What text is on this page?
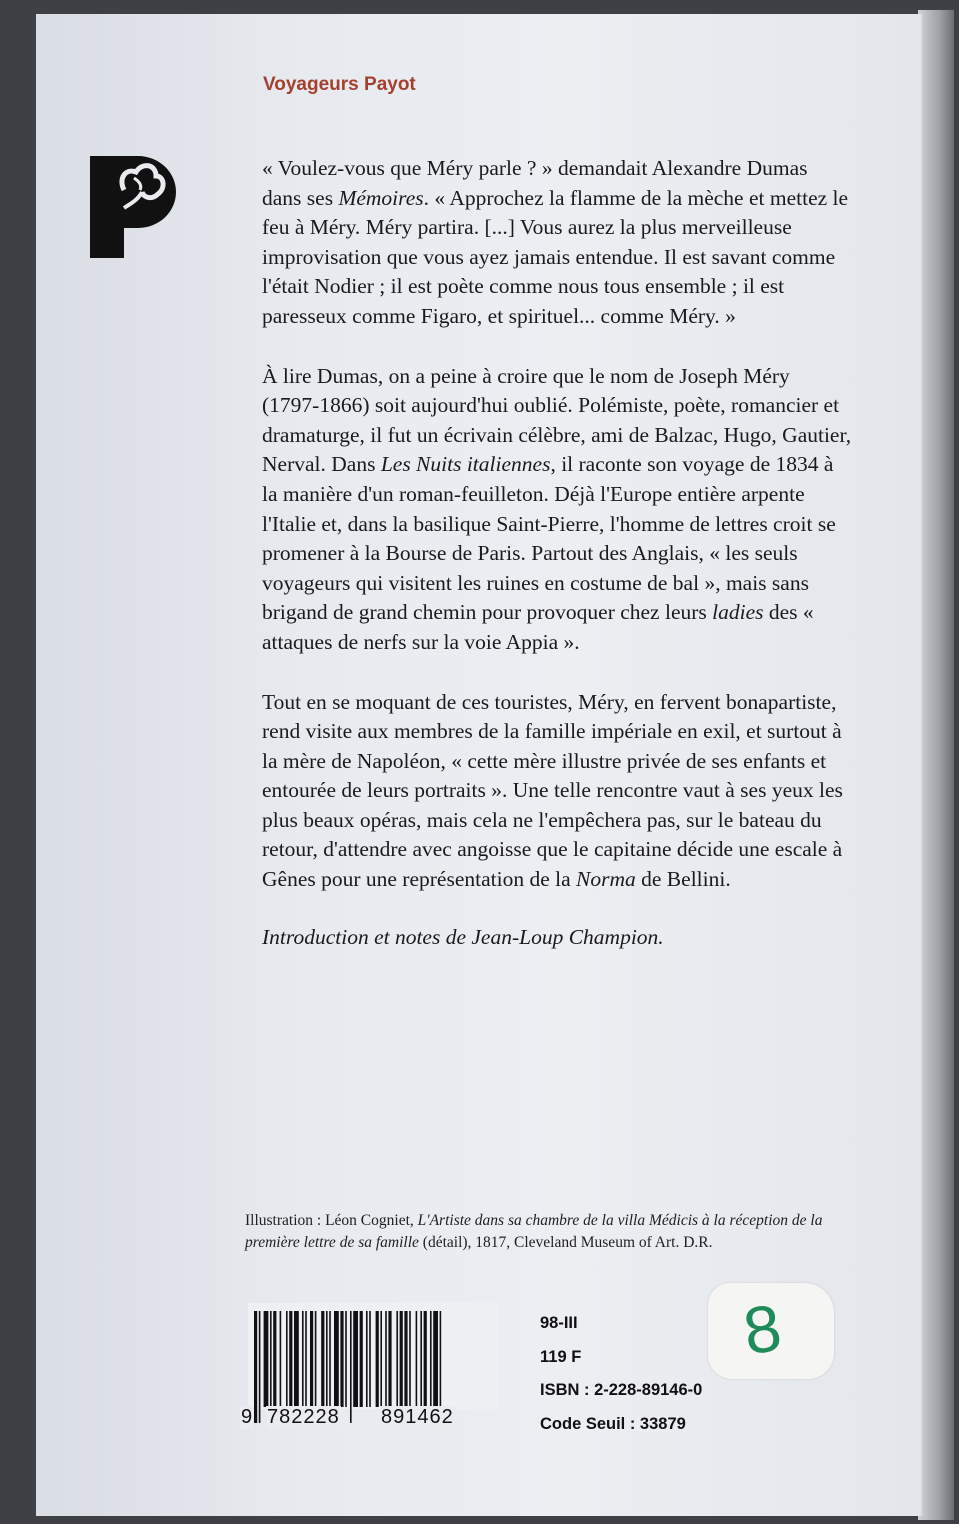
Voyageurs Payot

« Voulez-vous que Méry parle ? » demandait Alexandre Dumas dans ses Mémoires. « Approchez la flamme de la mèche et mettez le feu à Méry. Méry partira. [...] Vous aurez la plus merveilleuse improvisation que vous ayez jamais entendue. Il est savant comme l'était Nodier ; il est poète comme nous tous ensemble ; il est paresseux comme Figaro, et spirituel... comme Méry. »

À lire Dumas, on a peine à croire que le nom de Joseph Méry (1797-1866) soit aujourd'hui oublié. Polémiste, poète, romancier et dramaturge, il fut un écrivain célèbre, ami de Balzac, Hugo, Gautier, Nerval. Dans Les Nuits italiennes, il raconte son voyage de 1834 à la manière d'un roman-feuilleton. Déjà l'Europe entière arpente l'Italie et, dans la basilique Saint-Pierre, l'homme de lettres croit se promener à la Bourse de Paris. Partout des Anglais, « les seuls voyageurs qui visitent les ruines en costume de bal », mais sans brigand de grand chemin pour provoquer chez leurs ladies des « attaques de nerfs sur la voie Appia ».

Tout en se moquant de ces touristes, Méry, en fervent bonapartiste, rend visite aux membres de la famille impériale en exil, et surtout à la mère de Napoléon, « cette mère illustre privée de ses enfants et entourée de leurs portraits ». Une telle rencontre vaut à ses yeux les plus beaux opéras, mais cela ne l'empêchera pas, sur le bateau du retour, d'attendre avec angoisse que le capitaine décide une escale à Gênes pour une représentation de la Norma de Bellini.

Introduction et notes de Jean-Loup Champion.

Illustration : Léon Cogniet, L'Artiste dans sa chambre de la villa Médicis à la réception de la première lettre de sa famille (détail), 1817, Cleveland Museum of Art. D.R.
9 782228 891462
98-III
119 F
ISBN : 2-228-89146-0
Code Seuil : 33879
8
